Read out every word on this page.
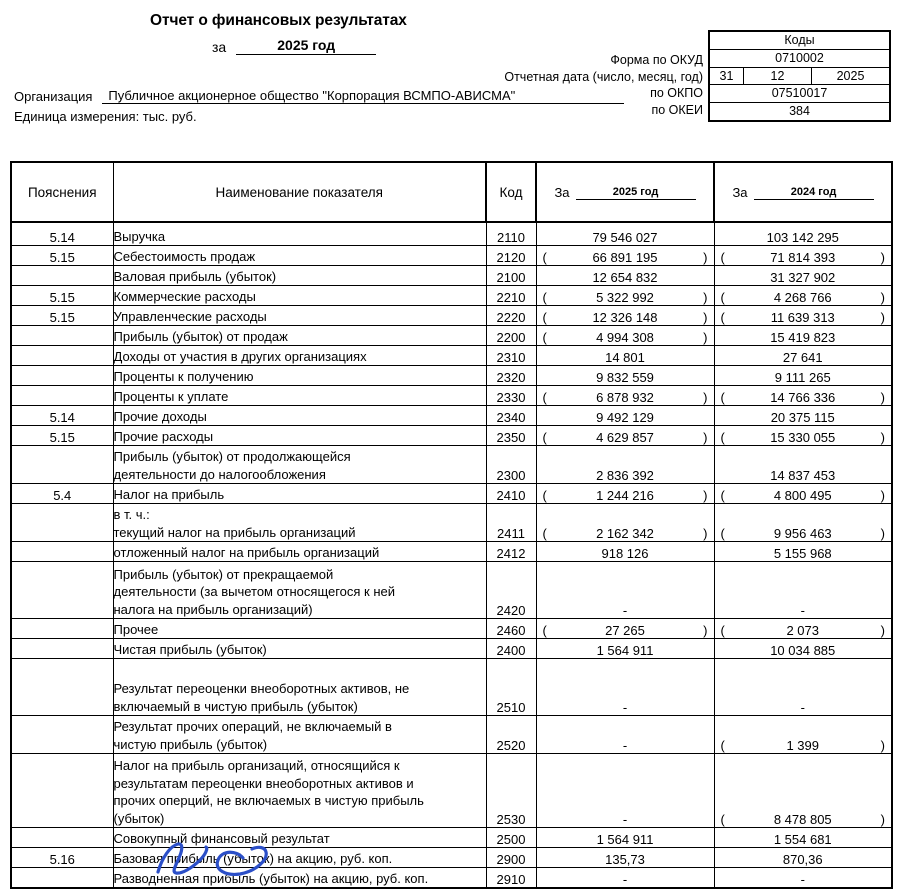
Отчет о финансовых результатах
за	2025 год
Организация	Публичное акционерное общество "Корпорация ВСМПО-АВИСМА"
Единица измерения: тыс. руб.
Форма по ОКУД
Отчетная дата (число, месяц, год)
по ОКПО
по ОКЕИ
Коды
0710002
31	12	2025
07510017
384
Пояснения	Наименование показателя	Код	За 2025 год	За 2024 год

5.14	Выручка	2110	79 546 027	103 142 295

5.15	Себестоимость продаж	2120	( 66 891 195 )	( 71 814 393 )

	Валовая прибыль (убыток)	2100	12 654 832	31 327 902

5.15	Коммерческие расходы	2210	( 5 322 992 )	( 4 268 766 )

5.15	Управленческие расходы	2220	( 12 326 148 )	( 11 639 313 )

	Прибыль (убыток) от продаж	2200	( 4 994 308 )	15 419 823

	Доходы от участия в других организациях	2310	14 801	27 641

	Проценты к получению	2320	9 832 559	9 111 265

	Проценты к уплате	2330	( 6 878 932 )	( 14 766 336 )

5.14	Прочие доходы	2340	9 492 129	20 375 115

5.15	Прочие расходы	2350	( 4 629 857 )	( 15 330 055 )

	Прибыль (убыток) от продолжающейся
деятельности до налогообложения	2300	2 836 392	14 837 453

5.4	Налог на прибыль	2410	( 1 244 216 )	( 4 800 495 )

в т. ч.:
текущий налог на прибыль организаций	2411	(	2 162 342	)	(	9 956 463	)

	отложенный налог на прибыль организаций	2412	918 126	5 155 968

	Прибыль (убыток) от прекращаемой
деятельности (за вычетом относящегося к ней
налога на прибыль организаций)	2420	-	-

	Прочее	2460	( 27 265 )	( 2 073 )

	Чистая прибыль (убыток)	2400	1 564 911	10 034 885

	Результат переоценки внеоборотных активов, не
включаемый в чистую прибыль (убыток)	2510	-	-

Результат прочих операций, не включаемый в
чистую прибыль (убыток)	2520	-	(	1 399	)

Налог на прибыль организаций, относящийся к
результатам переоценки внеоборотных активов и
прочих оперций, не включаемых в чистую прибыль
(убыток)	2530	-	(	8 478 805	)

	Совокупный финансовый результат	2500	1 564 911	1 554 681

5.16	Базовая прибыль (убыток) на акцию, руб. коп.	2900	135,73	870,36

	Разводненная прибыль (убыток) на акцию, руб. коп.	2910	-	-
